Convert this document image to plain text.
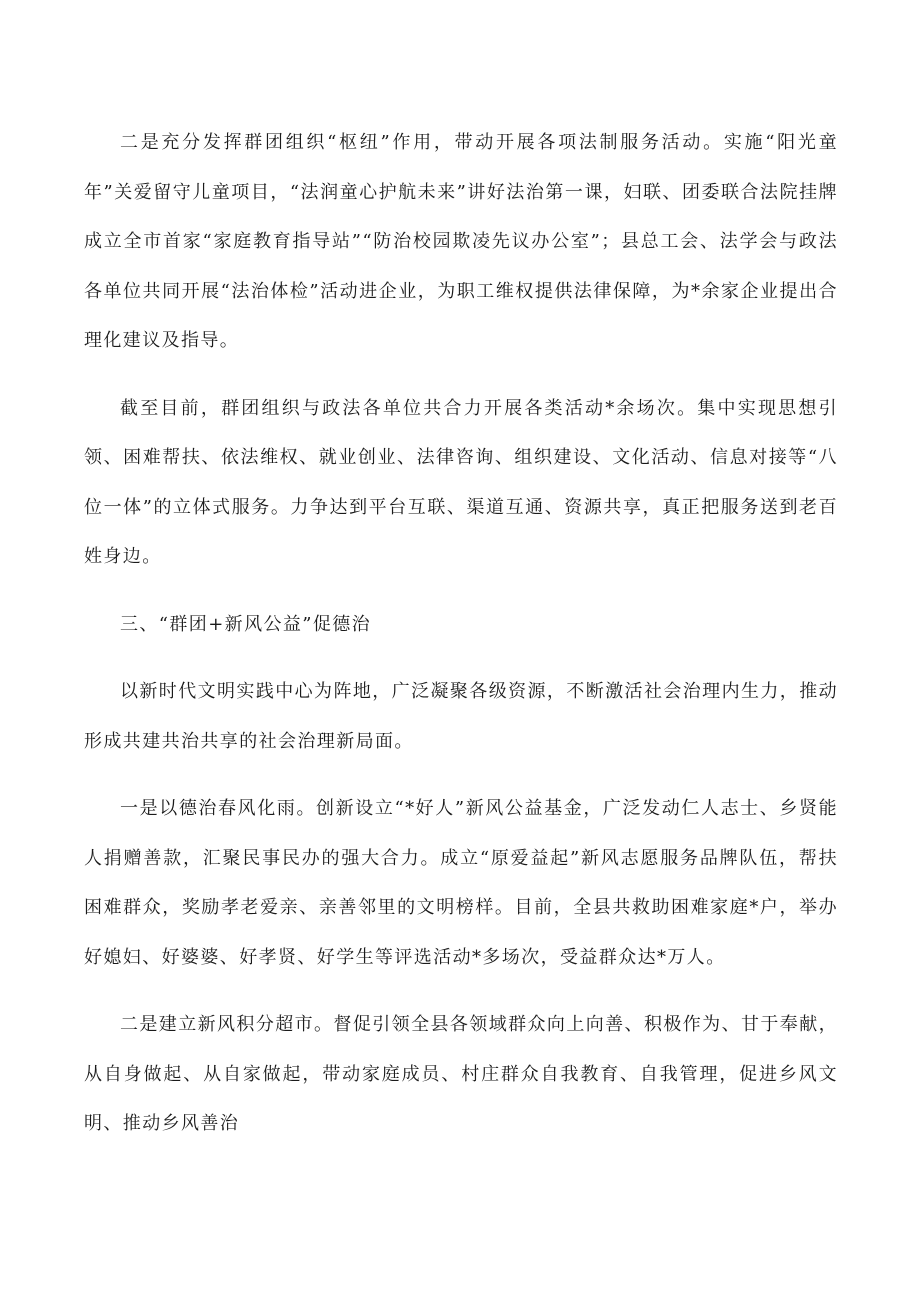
二是充分发挥群团组织“枢纽”作用，带动开展各项法制服务活动。实施“阳光童年”关爱留守儿童项目，“法润童心护航未来”讲好法治第一课，妇联、团委联合法院挂牌成立全市首家“家庭教育指导站”“防治校园欺凌先议办公室”；县总工会、法学会与政法各单位共同开展“法治体检”活动进企业，为职工维权提供法律保障，为*余家企业提出合理化建议及指导。

截至目前，群团组织与政法各单位共合力开展各类活动*余场次。集中实现思想引领、困难帮扶、依法维权、就业创业、法律咨询、组织建设、文化活动、信息对接等“八位一体”的立体式服务。力争达到平台互联、渠道互通、资源共享，真正把服务送到老百姓身边。

三、“群团+新风公益”促德治

以新时代文明实践中心为阵地，广泛凝聚各级资源，不断激活社会治理内生力，推动形成共建共治共享的社会治理新局面。

一是以德治春风化雨。创新设立“*好人”新风公益基金，广泛发动仁人志士、乡贤能人捐赠善款，汇聚民事民办的强大合力。成立“原爱益起”新风志愿服务品牌队伍，帮扶困难群众，奖励孝老爱亲、亲善邻里的文明榜样。目前，全县共救助困难家庭*户，举办好媳妇、好婆婆、好孝贤、好学生等评选活动*多场次，受益群众达*万人。

二是建立新风积分超市。督促引领全县各领域群众向上向善、积极作为、甘于奉献，从自身做起、从自家做起，带动家庭成员、村庄群众自我教育、自我管理，促进乡风文明、推动乡风善治
